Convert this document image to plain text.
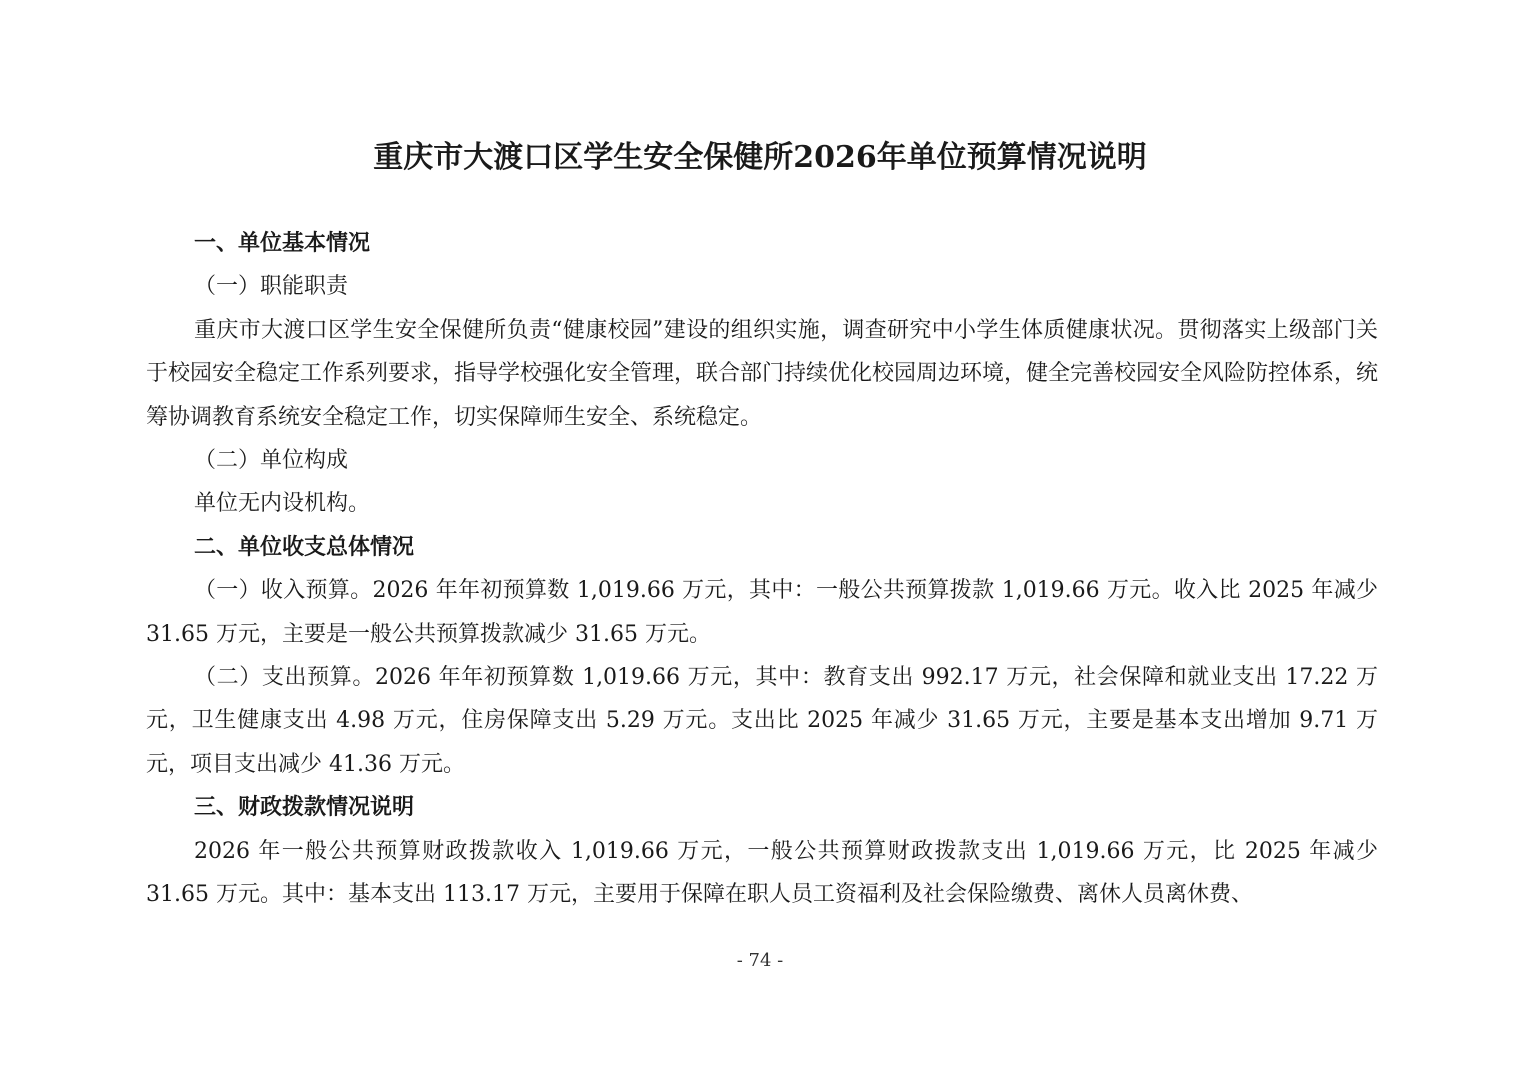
重庆市大渡口区学生安全保健所2026年单位预算情况说明

一、单位基本情况

（一）职能职责

重庆市大渡口区学生安全保健所负责“健康校园”建设的组织实施，调查研究中小学生体质健康状况。贯彻落实上级部门关于校园安全稳定工作系列要求，指导学校强化安全管理，联合部门持续优化校园周边环境，健全完善校园安全风险防控体系，统筹协调教育系统安全稳定工作，切实保障师生安全、系统稳定。

（二）单位构成

单位无内设机构。

二、单位收支总体情况

（一）收入预算。2026 年年初预算数 1,019.66 万元，其中：一般公共预算拨款 1,019.66 万元。收入比 2025 年减少 31.65 万元，主要是一般公共预算拨款减少 31.65 万元。

（二）支出预算。2026 年年初预算数 1,019.66 万元，其中：教育支出 992.17 万元，社会保障和就业支出 17.22 万元，卫生健康支出 4.98 万元，住房保障支出 5.29 万元。支出比 2025 年减少 31.65 万元，主要是基本支出增加 9.71 万元，项目支出减少 41.36 万元。

三、财政拨款情况说明

2026 年一般公共预算财政拨款收入 1,019.66 万元，一般公共预算财政拨款支出 1,019.66 万元，比 2025 年减少 31.65 万元。其中：基本支出 113.17 万元，主要用于保障在职人员工资福利及社会保险缴费、离休人员离休费、

- 74 -
